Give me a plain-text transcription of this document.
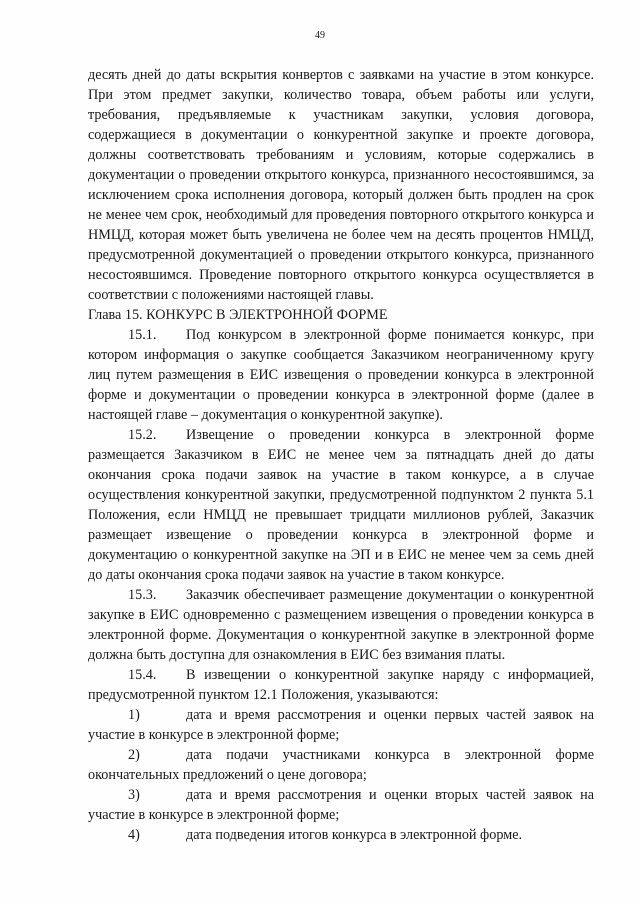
49

десять дней до даты вскрытия конвертов с заявками на участие в этом конкурсе. При этом предмет закупки, количество товара, объем работы или услуги, требования, предъявляемые к участникам закупки, условия договора, содержащиеся в документации о конкурентной закупке и проекте договора, должны соответствовать требованиям и условиям, которые содержались в документации о проведении открытого конкурса, признанного несостоявшимся, за исключением срока исполнения договора, который должен быть продлен на срок не менее чем срок, необходимый для проведения повторного открытого конкурса и НМЦД, которая может быть увеличена не более чем на десять процентов НМЦД, предусмотренной документацией о проведении открытого конкурса, признанного несостоявшимся. Проведение повторного открытого конкурса осуществляется в соответствии с положениями настоящей главы.

Глава 15. КОНКУРС В ЭЛЕКТРОННОЙ ФОРМЕ

15.1. Под конкурсом в электронной форме понимается конкурс, при котором информация о закупке сообщается Заказчиком неограниченному кругу лиц путем размещения в ЕИС извещения о проведении конкурса в электронной форме и документации о проведении конкурса в электронной форме (далее в настоящей главе – документация о конкурентной закупке).

15.2. Извещение о проведении конкурса в электронной форме размещается Заказчиком в ЕИС не менее чем за пятнадцать дней до даты окончания срока подачи заявок на участие в таком конкурсе, а в случае осуществления конкурентной закупки, предусмотренной подпунктом 2 пункта 5.1 Положения, если НМЦД не превышает тридцати миллионов рублей, Заказчик размещает извещение о проведении конкурса в электронной форме и документацию о конкурентной закупке на ЭП и в ЕИС не менее чем за семь дней до даты окончания срока подачи заявок на участие в таком конкурсе.

15.3. Заказчик обеспечивает размещение документации о конкурентной закупке в ЕИС одновременно с размещением извещения о проведении конкурса в электронной форме. Документация о конкурентной закупке в электронной форме должна быть доступна для ознакомления в ЕИС без взимания платы.

15.4. В извещении о конкурентной закупке наряду с информацией, предусмотренной пунктом 12.1 Положения, указываются:

1)	дата и время рассмотрения и оценки первых частей заявок на участие в конкурсе в электронной форме;

2)	дата подачи участниками конкурса в электронной форме окончательных предложений о цене договора;

3)	дата и время рассмотрения и оценки вторых частей заявок на участие в конкурсе в электронной форме;

4)	дата подведения итогов конкурса в электронной форме.
